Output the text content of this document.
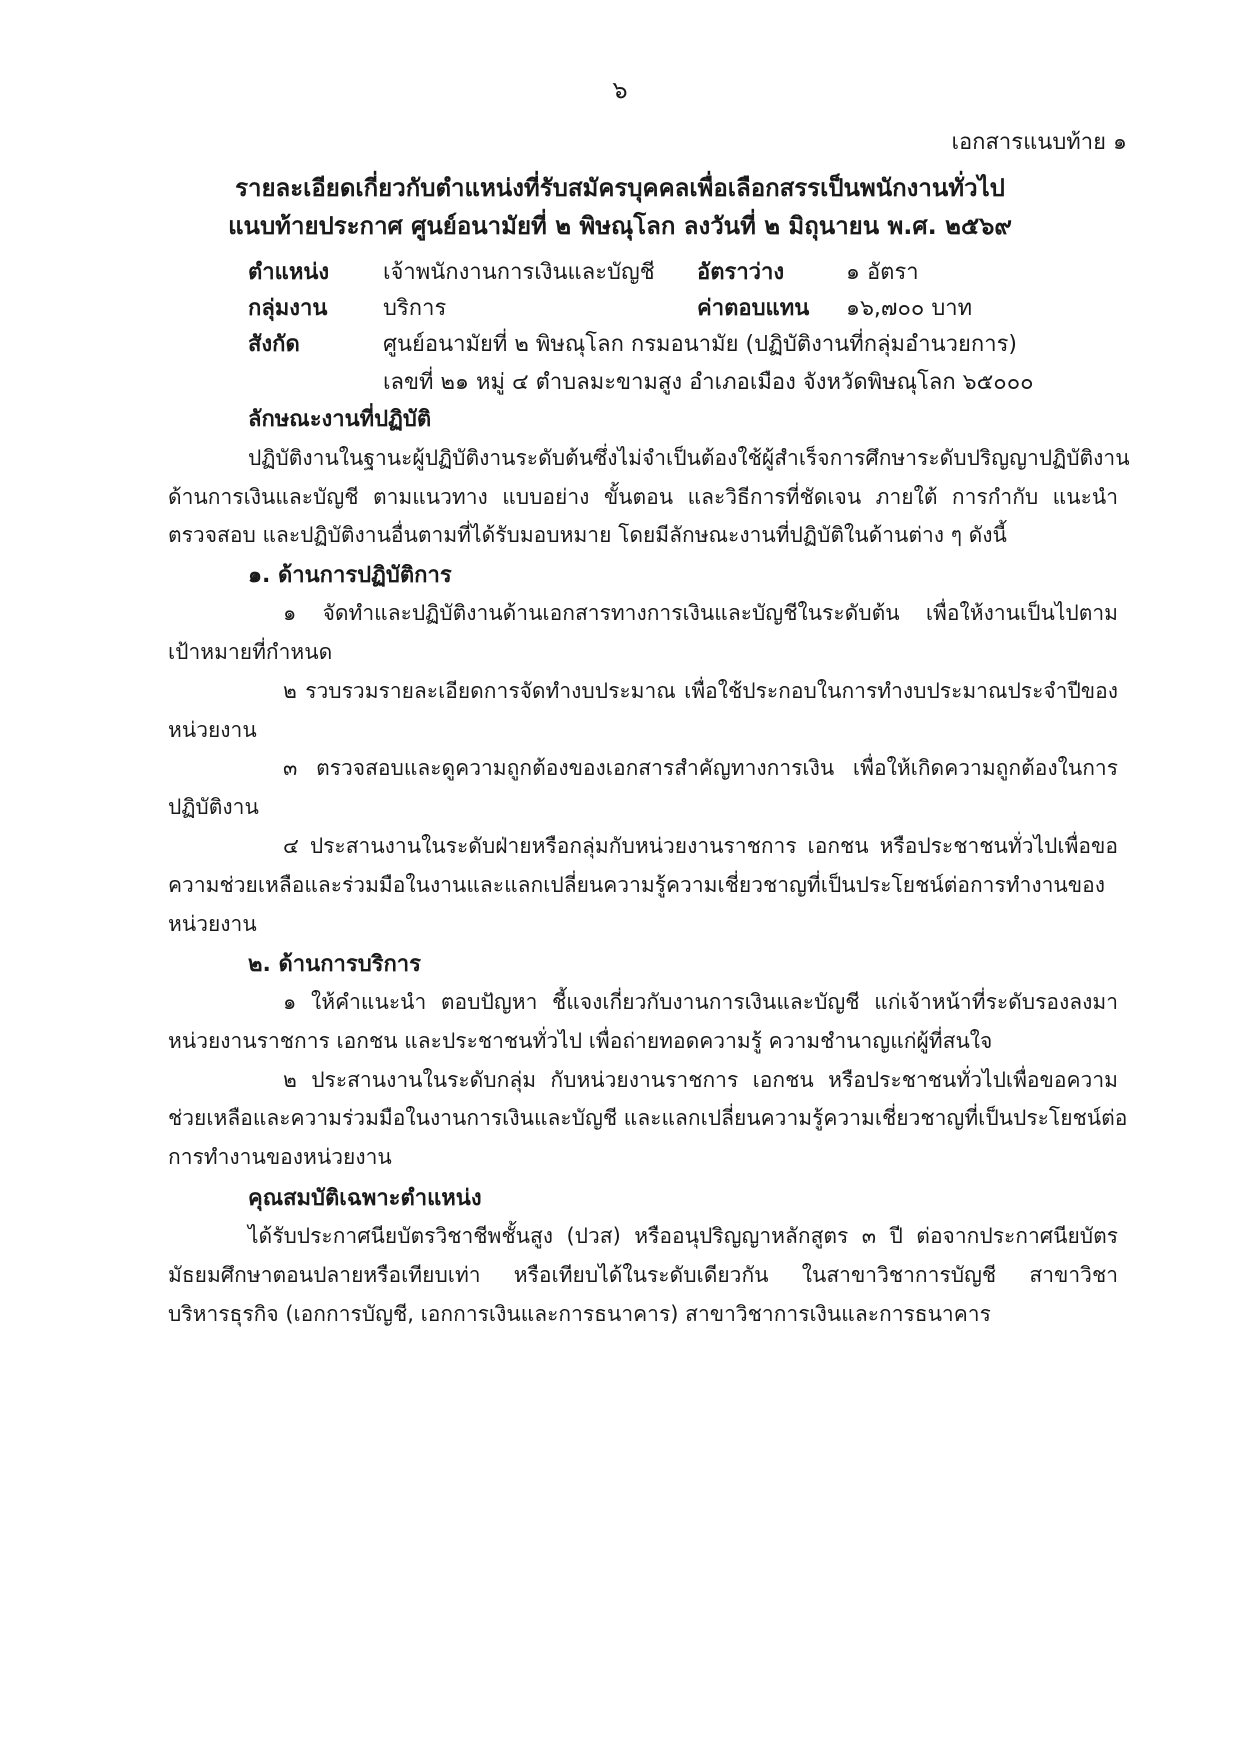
๖
เอกสารแนบท้าย ๑
รายละเอียดเกี่ยวกับตำแหน่งที่รับสมัครบุคคลเพื่อเลือกสรรเป็นพนักงานทั่วไป
แนบท้ายประกาศ ศูนย์อนามัยที่ ๒ พิษณุโลก ลงวันที่ ๒ มิถุนายน พ.ศ. ๒๕๖๙
ตำแหน่ง เจ้าพนักงานการเงินและบัญชี อัตราว่าง	๑ อัตรา
กลุ่มงาน	บริการ	ค่าตอบแทน ๑๖,๗๐๐ บาท
สังกัด	ศูนย์อนามัยที่ ๒ พิษณุโลก กรมอนามัย (ปฏิบัติงานที่กลุ่มอำนวยการ)
เลขที่ ๒๑ หมู่ ๔ ตำบลมะขามสูง อำเภอเมือง จังหวัดพิษณุโลก ๖๕๐๐๐
ลักษณะงานที่ปฏิบัติ
ปฏิบัติงานในฐานะผู้ปฏิบัติงานระดับต้นซึ่งไม่จำเป็นต้องใช้ผู้สำเร็จการศึกษาระดับปริญญาปฏิบัติงาน
ด้านการเงินและบัญชี ตามแนวทาง แบบอย่าง ขั้นตอน และวิธีการที่ชัดเจน ภายใต้ การกำกับ แนะนำ
ตรวจสอบ และปฏิบัติงานอื่นตามที่ได้รับมอบหมาย โดยมีลักษณะงานที่ปฏิบัติในด้านต่าง ๆ ดังนี้
๑. ด้านการปฏิบัติการ
๑ จัดทำและปฏิบัติงานด้านเอกสารทางการเงินและบัญชีในระดับต้น เพื่อให้งานเป็นไปตาม
เป้าหมายที่กำหนด
๒ รวบรวมรายละเอียดการจัดทำงบประมาณ เพื่อใช้ประกอบในการทำงบประมาณประจำปีของ
หน่วยงาน
๓ ตรวจสอบและดูความถูกต้องของเอกสารสำคัญทางการเงิน เพื่อให้เกิดความถูกต้องในการ
ปฏิบัติงาน
๔ ประสานงานในระดับฝ่ายหรือกลุ่มกับหน่วยงานราชการ เอกชน หรือประชาชนทั่วไปเพื่อขอ
ความช่วยเหลือและร่วมมือในงานและแลกเปลี่ยนความรู้ความเชี่ยวชาญที่เป็นประโยชน์ต่อการทำงานของ
หน่วยงาน
๒. ด้านการบริการ
๑ ให้คำแนะนำ ตอบปัญหา ชี้แจงเกี่ยวกับงานการเงินและบัญชี แก่เจ้าหน้าที่ระดับรองลงมา
หน่วยงานราชการ เอกชน และประชาชนทั่วไป เพื่อถ่ายทอดความรู้ ความชำนาญแก่ผู้ที่สนใจ
๒ ประสานงานในระดับกลุ่ม กับหน่วยงานราชการ เอกชน หรือประชาชนทั่วไปเพื่อขอความ
ช่วยเหลือและความร่วมมือในงานการเงินและบัญชี และแลกเปลี่ยนความรู้ความเชี่ยวชาญที่เป็นประโยชน์ต่อ
การทำงานของหน่วยงาน
คุณสมบัติเฉพาะตำแหน่ง
ได้รับประกาศนียบัตรวิชาชีพชั้นสูง (ปวส) หรืออนุปริญญาหลักสูตร ๓ ปี ต่อจากประกาศนียบัตร
มัธยมศึกษาตอนปลายหรือเทียบเท่า หรือเทียบได้ในระดับเดียวกัน ในสาขาวิชาการบัญชี สาขาวิชา
บริหารธุรกิจ (เอกการบัญชี, เอกการเงินและการธนาคาร) สาขาวิชาการเงินและการธนาคาร
